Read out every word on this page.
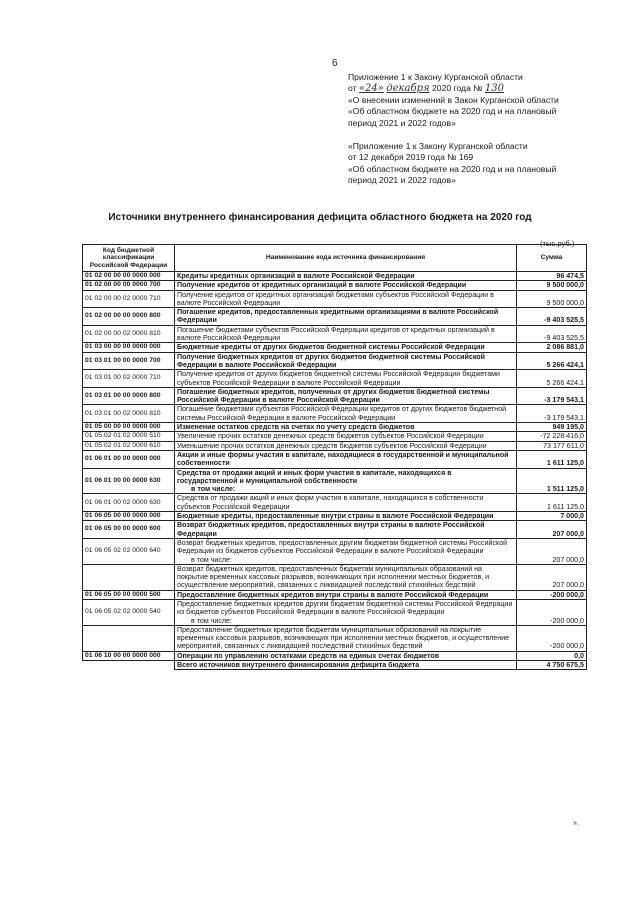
6
Приложение 1 к Закону Курганской области
от «24» декабря 2020 года № 130
«О внесении изменений в Закон Курганской области
«Об областном бюджете на 2020 год и на плановый
период 2021 и 2022 годов»
«Приложение 1 к Закону Курганской области
от 12 декабря 2019 года № 169
«Об областном бюджете на 2020 год и на плановый
период 2021 и 2022 годов»
Источники внутреннего финансирования дефицита областного бюджета на 2020 год
(тыс.руб.)
Код бюджетной классификации Российской Федерации	Наименование кода источника финансирования	Сумма
01 02 00 00 00 0000 000	Кредиты кредитных организаций в валюте Российской Федерации	96 474,5
01 02 00 00 00 0000 700	Получение кредитов от кредитных организаций в валюте Российской Федерации	9 500 000,0
01 02 00 00 02 0000 710	Получение кредитов от кредитных организаций бюджетами субъектов Российской Федерации в валюте Российской Федерации	9 500 000,0
01 02 00 00 00 0000 800	Погашение кредитов, предоставленных кредитными организациями в валюте Российской Федерации	-9 403 525,5
01 02 00 00 02 0000 810	Погашение бюджетами субъектов Российской Федерации кредитов от кредитных организаций в валюте Российской Федерации	-9 403 525,5
01 03 00 00 00 0000 000	Бюджетные кредиты от других бюджетов бюджетной системы Российской Федерации	2 086 881,0
01 03 01 00 00 0000 700	Получение бюджетных кредитов от других бюджетов бюджетной системы Российской Федерации в валюте Российской Федерации	5 266 424,1
01 03 01 00 02 0000 710	Получение кредитов от других бюджетов бюджетной системы Российской Федерации бюджетами субъектов Российской Федерации в валюте Российской Федерации	5 266 424,1
01 03 01 00 00 0000 800	Погашение бюджетных кредитов, полученных от других бюджетов бюджетной системы Российской Федерации в валюте Российской Федерации	-3 179 543,1
01 03 01 00 02 0000 810	Погашение бюджетами субъектов Российской Федерации кредитов от других бюджетов бюджетной системы Российской Федерации в валюте Российской Федерации	-3 179 543,1
01 05 00 00 00 0000 000	Изменение остатков средств на счетах по учету средств бюджетов	949 195,0
01 05 02 01 02 0000 510	Увеличение прочих остатков денежных средств бюджетов субъектов Российской Федерации	-72 228 416,0
01 05 02 01 02 0000 610	Уменьшение прочих остатков денежных средств бюджетов субъектов Российской Федерации	73 177 611,0
01 06 01 00 00 0000 000	Акции и иные формы участия в капитале, находящиеся в государственной и муниципальной собственности	1 611 125,0
01 06 01 00 00 0000 630	Средства от продажи акций и иных форм участия в капитале, находящихся в государственной и муниципальной собственности
в том числе:	1 511 125,0
01 06 01 00 02 0000 630	Средства от продажи акций и иных форм участия в капитале, находящихся в собственности субъектов Российской Федерации	1 611 125,0
01 06 05 00 00 0000 000	Бюджетные кредиты, предоставленные внутри страны в валюте Российской Федерации	7 000,0
01 06 05 00 00 0000 600	Возврат бюджетных кредитов, предоставленных внутри страны в валюте Российской Федерации	207 000,0
01 06 05 02 02 0000 640	Возврат бюджетных кредитов, предоставленных другим бюджетам бюджетной системы Российской Федерации из бюджетов субъектов Российской Федерации в валюте Российской Федерации
в том числе:	207 000,0
	Возврат бюджетных кредитов, предоставленных бюджетам муниципальных образований на покрытие временных кассовых разрывов, возникающих при исполнении местных бюджетов, и осуществление мероприятий, связанных с ликвидацией последствий стихийных бедствий	207 000,0
01 06 05 00 00 0000 500	Предоставление бюджетных кредитов внутри страны в валюте Российской Федерации	-200 000,0
01 06 05 02 02 0000 540	Предоставление бюджетных кредитов другим бюджетам бюджетной системы Российской Федерации из бюджетов субъектов Российской Федерации в валюте Российской Федерации
в том числе:	-200 000,0
	Предоставление бюджетных кредитов бюджетам муниципальных образований на покрытие временных кассовых разрывов, возникающих при исполнении местных бюджетов, и осуществление мероприятий, связанных с ликвидацией последствий стихийных бедствий	-200 000,0
01 06 10 00 00 0000 000	Операции по управлению остатками средств на единых счетах бюджетов	0,0
	Всего источников внутреннего финансирования дефицита бюджета	4 750 675,5
».
